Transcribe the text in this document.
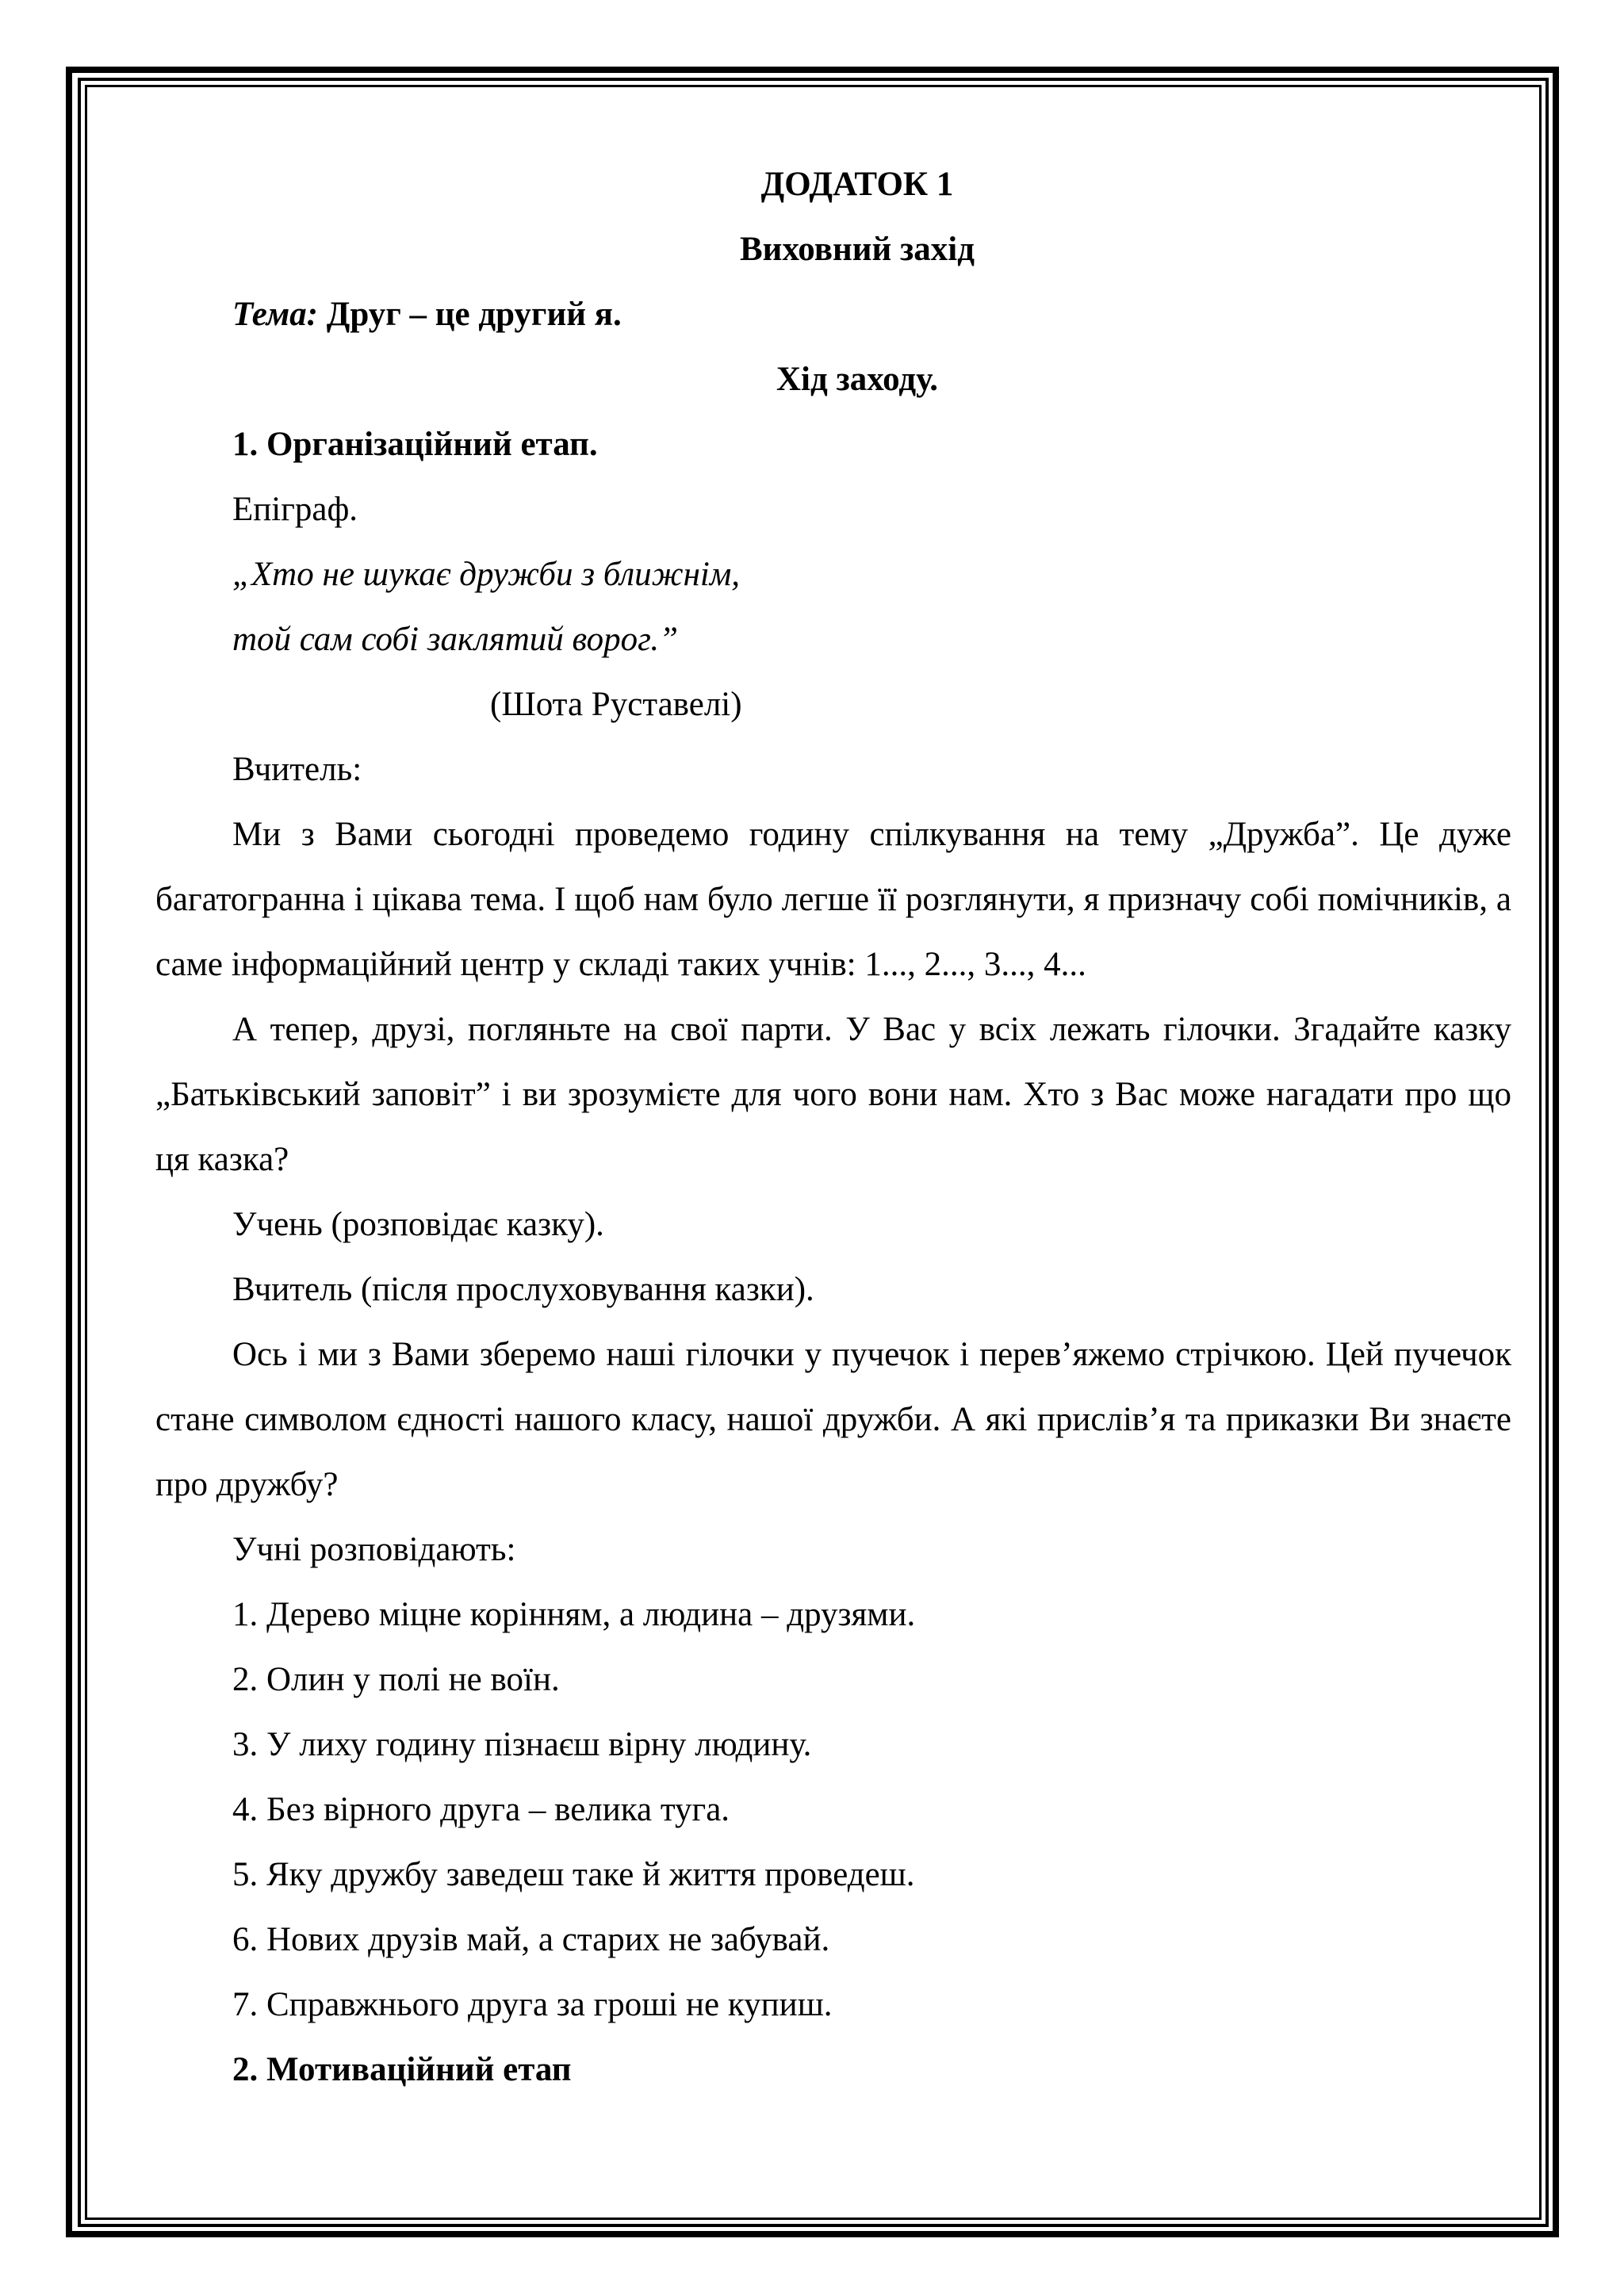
ДОДАТОК 1

Виховний захід

Тема: Друг – це другий я.

Хід заходу.

1. Організаційний етап.

Епіграф.

„Хто не шукає дружби з ближнім,

той сам собі заклятий ворог.”

(Шота Руставелі)

Вчитель:

Ми з Вами сьогодні проведемо годину спілкування на тему „Дружба”. Це дуже багатогранна і цікава тема. І щоб нам було легше її розглянути, я призначу собі помічників, а саме інформаційний центр у складі таких учнів: 1..., 2..., 3..., 4...

А тепер, друзі, погляньте на свої парти. У Вас у всіх лежать гілочки. Згадайте казку „Батьківський заповіт” і ви зрозумієте для чого вони нам. Хто з Вас може нагадати про що ця казка?

Учень (розповідає казку).

Вчитель (після прослуховування казки).

Ось і ми з Вами зберемо наші гілочки у пучечок і перев’яжемо стрічкою. Цей пучечок стане символом єдності нашого класу, нашої дружби. А які прислів’я та приказки Ви знаєте про дружбу?

Учні розповідають:

1. Дерево міцне корінням, а людина – друзями.

2. Олин у полі не воїн.

3. У лиху годину пізнаєш вірну людину.

4. Без вірного друга – велика туга.

5. Яку дружбу заведеш таке й життя проведеш.

6. Нових друзів май, а старих не забувай.

7. Справжнього друга за гроші не купиш.

2. Мотиваційний етап
